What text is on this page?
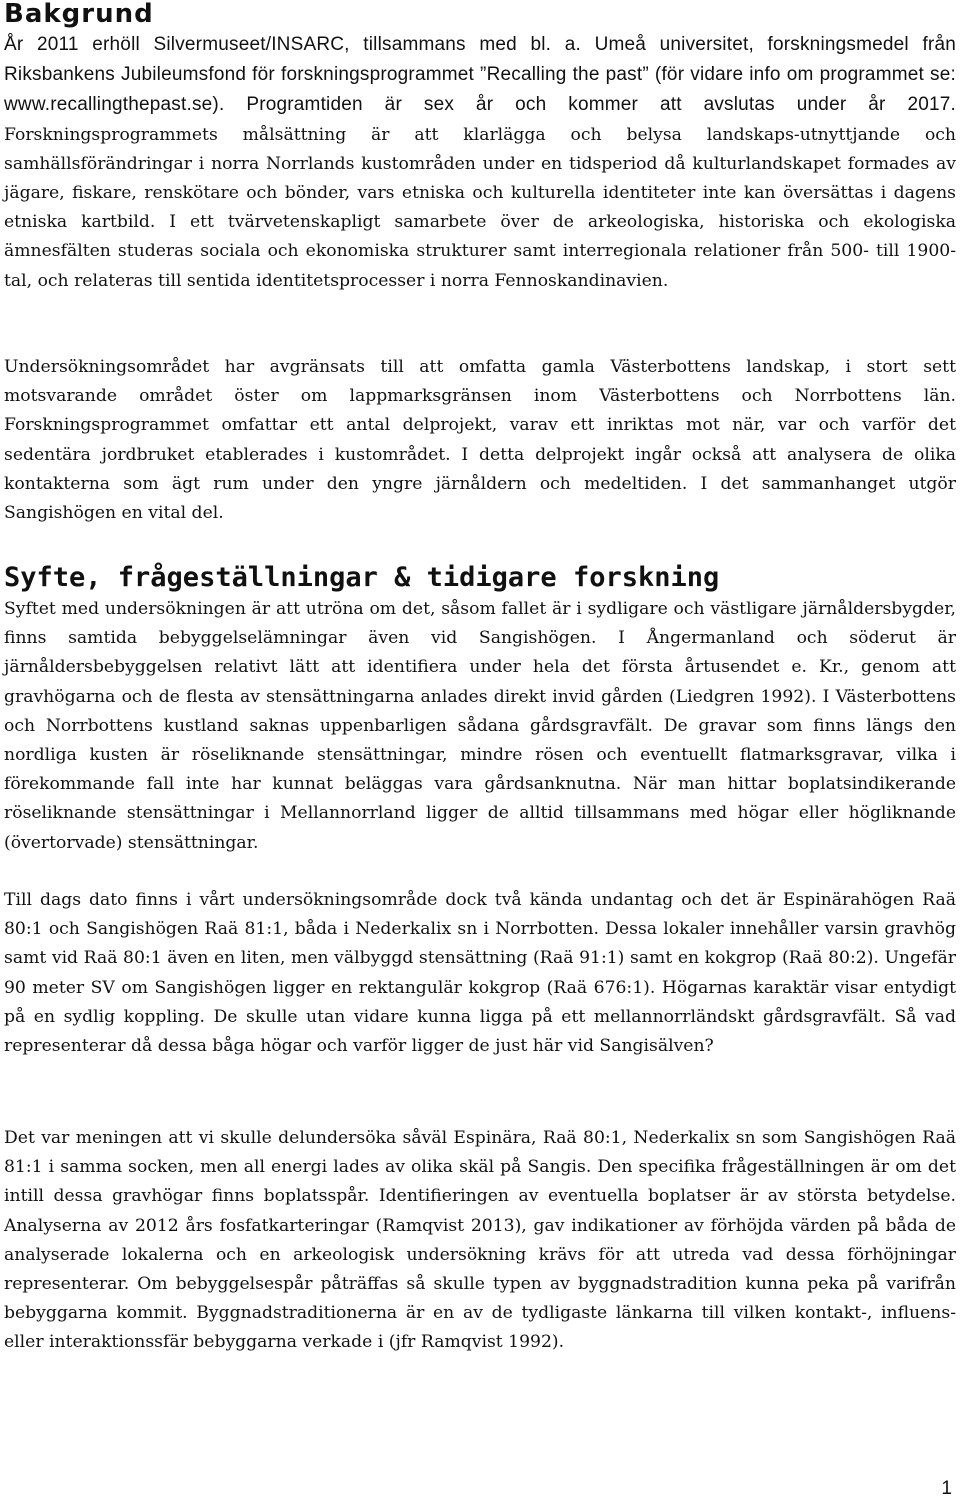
Bakgrund

År 2011 erhöll Silvermuseet/INSARC, tillsammans med bl. a. Umeå universitet, forskningsmedel från Riksbankens Jubileumsfond för forskningsprogrammet ”Recalling the past” (för vidare info om programmet se: www.recallingthepast.se). Programtiden är sex år och kommer att avslutas under år 2017. Forskningsprogrammets målsättning är att klarlägga och belysa landskaps-utnyttjande och samhällsförändringar i norra Norrlands kustområden under en tidsperiod då kulturlandskapet formades av jägare, fiskare, renskötare och bönder, vars etniska och kulturella identiteter inte kan översättas i dagens etniska kartbild. I ett tvärvetenskapligt samarbete över de arkeologiska, historiska och ekologiska ämnesfälten studeras sociala och ekonomiska strukturer samt interregionala relationer från 500- till 1900-tal, och relateras till sentida identitetsprocesser i norra Fennoskandinavien.

Undersökningsområdet har avgränsats till att omfatta gamla Västerbottens landskap, i stort sett motsvarande området öster om lappmarksgränsen inom Västerbottens och Norrbottens län. Forskningsprogrammet omfattar ett antal delprojekt, varav ett inriktas mot när, var och varför det sedentära jordbruket etablerades i kustområdet. I detta delprojekt ingår också att analysera de olika kontakterna som ägt rum under den yngre järnåldern och medeltiden. I det sammanhanget utgör Sangishögen en vital del.

Syfte, frågeställningar & tidigare forskning

Syftet med undersökningen är att utröna om det, såsom fallet är i sydligare och västligare järnåldersbygder, finns samtida bebyggelselämningar även vid Sangishögen. I Ångermanland och söderut är järnåldersbebyggelsen relativt lätt att identifiera under hela det första årtusendet e. Kr., genom att gravhögarna och de flesta av stensättningarna anlades direkt invid gården (Liedgren 1992). I Västerbottens och Norrbottens kustland saknas uppenbarligen sådana gårdsgravfält. De gravar som finns längs den nordliga kusten är röseliknande stensättningar, mindre rösen och eventuellt flatmarksgravar, vilka i förekommande fall inte har kunnat beläggas vara gårdsanknutna. När man hittar boplatsindikerande röseliknande stensättningar i Mellannorrland ligger de alltid tillsammans med högar eller högliknande (övertorvade) stensättningar.

Till dags dato finns i vårt undersökningsområde dock två kända undantag och det är Espinärahögen Raä 80:1 och Sangishögen Raä 81:1, båda i Nederkalix sn i Norrbotten. Dessa lokaler innehåller varsin gravhög samt vid Raä 80:1 även en liten, men välbyggd stensättning (Raä 91:1) samt en kokgrop (Raä 80:2). Ungefär 90 meter SV om Sangishögen ligger en rektangulär kokgrop (Raä 676:1). Högarnas karaktär visar entydigt på en sydlig koppling. De skulle utan vidare kunna ligga på ett mellannorrländskt gårdsgravfält. Så vad representerar då dessa båga högar och varför ligger de just här vid Sangisälven?

Det var meningen att vi skulle delundersöka såväl Espinära, Raä 80:1, Nederkalix sn som Sangishögen Raä 81:1 i samma socken, men all energi lades av olika skäl på Sangis. Den specifika frågeställningen är om det intill dessa gravhögar finns boplatsspår. Identifieringen av eventuella boplatser är av största betydelse. Analyserna av 2012 års fosfatkarteringar (Ramqvist 2013), gav indikationer av förhöjda värden på båda de analyserade lokalerna och en arkeologisk undersökning krävs för att utreda vad dessa förhöjningar representerar. Om bebyggelsespår påträffas så skulle typen av byggnadstradition kunna peka på varifrån bebyggarna kommit. Byggnadstraditionerna är en av de tydligaste länkarna till vilken kontakt-, influens- eller interaktionssfär bebyggarna verkade i (jfr Ramqvist 1992).

1
